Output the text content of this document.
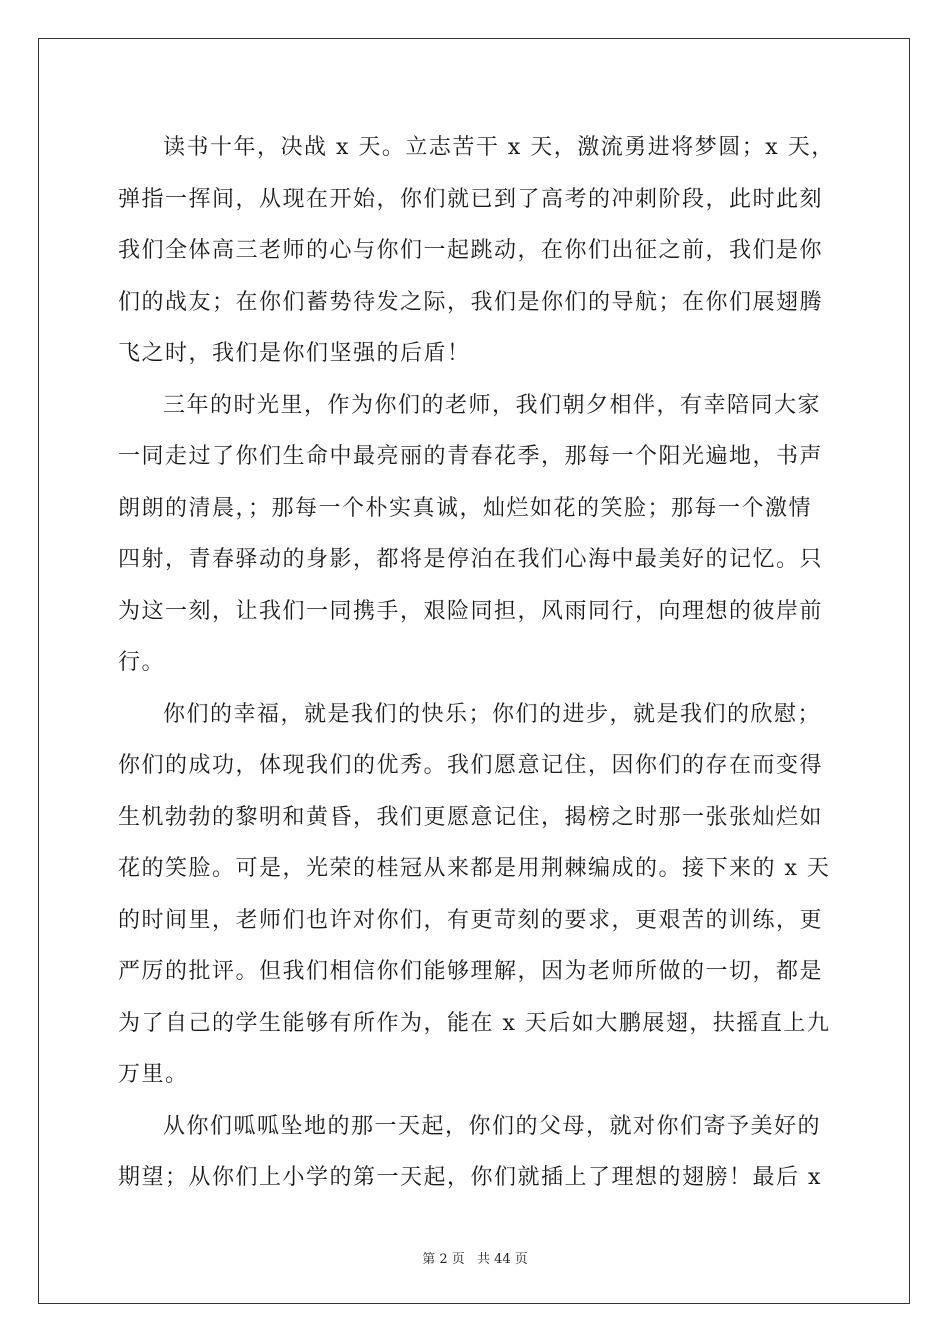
读书十年，决战 x 天。立志苦干 x 天，激流勇进将梦圆；x 天，
弹指一挥间，从现在开始，你们就已到了高考的冲刺阶段，此时此刻
我们全体高三老师的心与你们一起跳动，在你们出征之前，我们是你
们的战友；在你们蓄势待发之际，我们是你们的导航；在你们展翅腾
飞之时，我们是你们坚强的后盾！

三年的时光里，作为你们的老师，我们朝夕相伴，有幸陪同大家
一同走过了你们生命中最亮丽的青春花季，那每一个阳光遍地，书声
朗朗的清晨，；那每一个朴实真诚，灿烂如花的笑脸；那每一个激情
四射，青春驿动的身影，都将是停泊在我们心海中最美好的记忆。只
为这一刻，让我们一同携手，艰险同担，风雨同行，向理想的彼岸前
行。

你们的幸福，就是我们的快乐；你们的进步，就是我们的欣慰；
你们的成功，体现我们的优秀。我们愿意记住，因你们的存在而变得
生机勃勃的黎明和黄昏，我们更愿意记住，揭榜之时那一张张灿烂如
花的笑脸。可是，光荣的桂冠从来都是用荆棘编成的。接下来的 x 天
的时间里，老师们也许对你们，有更苛刻的要求，更艰苦的训练，更
严厉的批评。但我们相信你们能够理解，因为老师所做的一切，都是
为了自己的学生能够有所作为，能在 x 天后如大鹏展翅，扶摇直上九
万里。

从你们呱呱坠地的那一天起，你们的父母，就对你们寄予美好的
期望；从你们上小学的第一天起，你们就插上了理想的翅膀！最后 x

第 2 页 共 44 页
